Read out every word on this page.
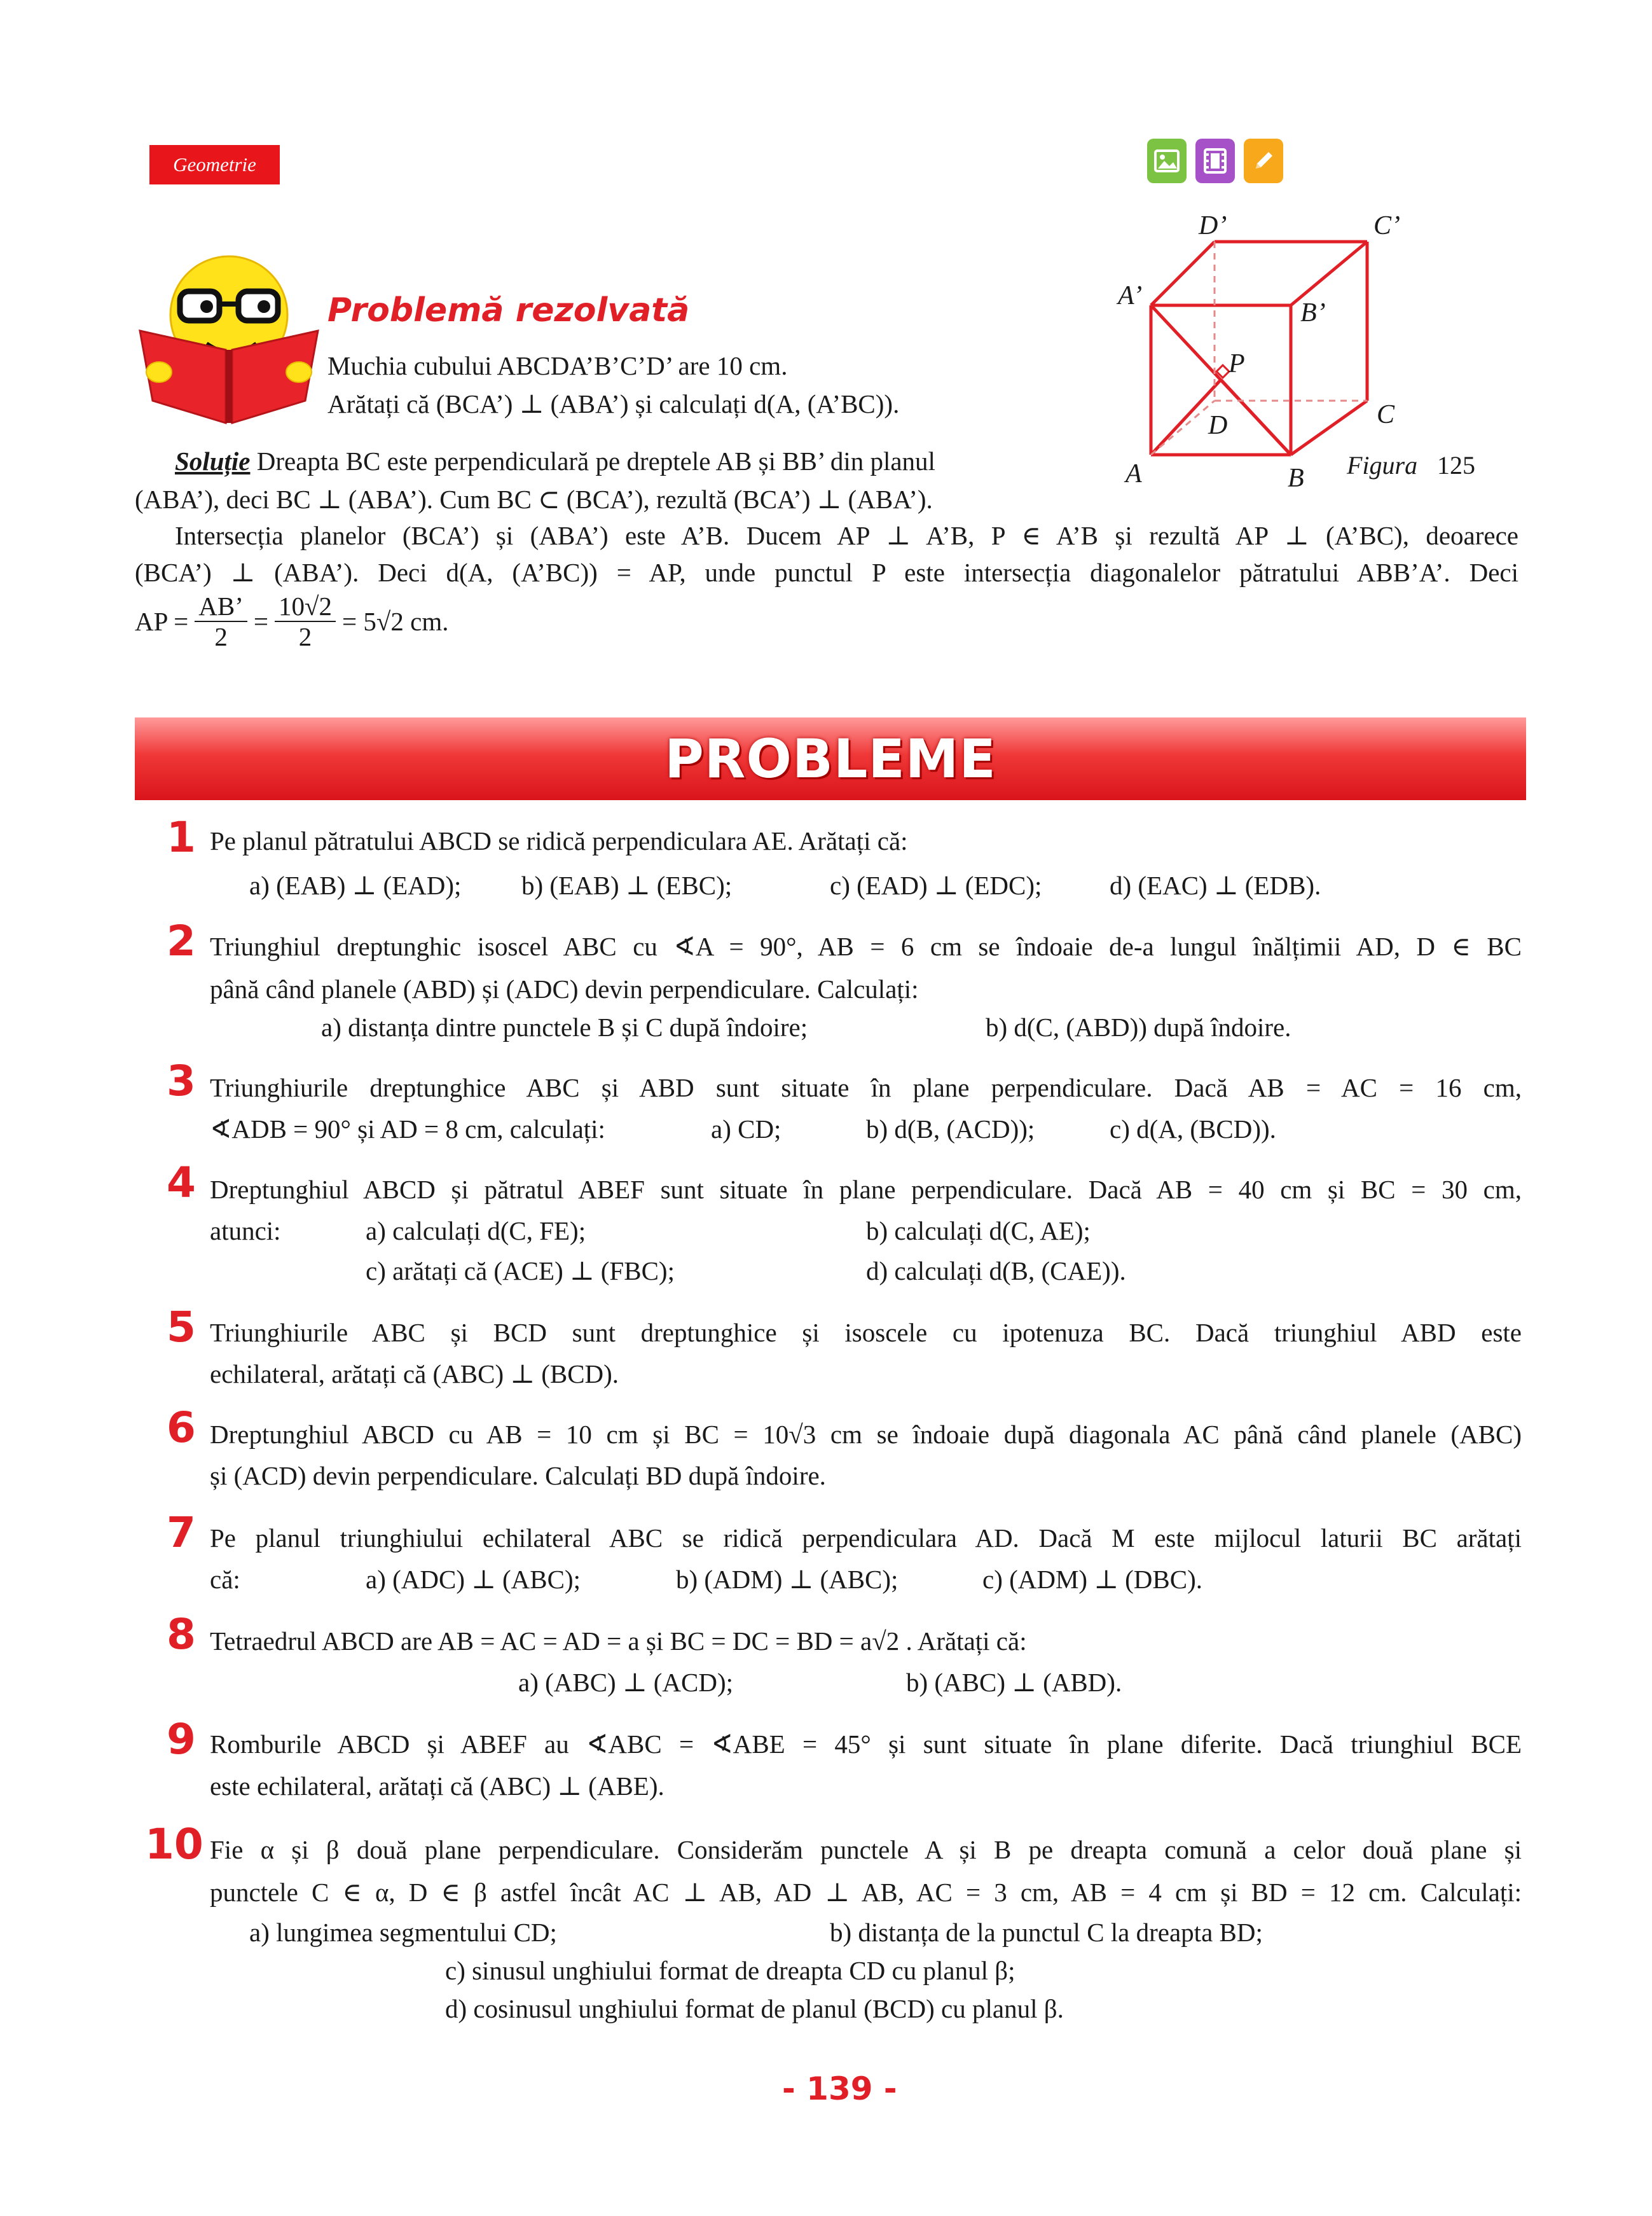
Geometrie
Problemă rezolvată
Muchia cubului ABCDA’B’C’D’ are 10 cm.
Arătați că (BCA’) ⊥ (ABA’) și calculați d(A, (A’BC)).
D’	C’
A’
B’
P
D	C
A	B Figura 125
Soluție Dreapta BC este perpendiculară pe dreptele AB și BB’ din planul
(ABA’), deci BC ⊥ (ABA’). Cum BC ⊂ (BCA’), rezultă (BCA’) ⊥ (ABA’).
Intersecția planelor (BCA’) și (ABA’) este A’B. Ducem AP ⊥ A’B, P ∈ A’B și rezultă AP ⊥ (A’BC), deoarece
(BCA’) ⊥ (ABA’). Deci d(A, (A’BC)) = AP, unde punctul P este intersecția diagonalelor pătratului ABB’A’. Deci
AP = $\frac{AB’}{2} = \frac{10√2}{2} = 5√2$ cm.
PROBLEME
1 Pe planul pătratului ABCD se ridică perpendiculara AE. Arătați că:
a) (EAB) ⊥ (EAD); b) (EAB) ⊥ (EBC);	c) (EAD) ⊥ (EDC);	d) (EAC) ⊥ (EDB).
2 Triunghiul dreptunghic isoscel ABC cu ∢A = 90°, AB = 6 cm se îndoaie de-a lungul înălțimii AD, D ∈ BC
până când planele (ABD) și (ADC) devin perpendiculare. Calculați:
a) distanța dintre punctele B și C după îndoire;	b) d(C, (ABD)) după îndoire.
3 Triunghiurile dreptunghice ABC și ABD sunt situate în plane perpendiculare. Dacă AB = AC = 16 cm,
∢ADB = 90° și AD = 8 cm, calculați:	a) CD;	b) d(B, (ACD));	c) d(A, (BCD)).
4 Dreptunghiul ABCD și pătratul ABEF sunt situate în plane perpendiculare. Dacă AB = 40 cm și BC = 30 cm,
atunci:	a) calculați d(C, FE);	b) calculați d(C, AE);
c) arătați că (ACE) ⊥ (FBC);	d) calculați d(B, (CAE)).
5 Triunghiurile ABC și BCD sunt dreptunghice și isoscele cu ipotenuza BC. Dacă triunghiul ABD este
echilateral, arătați că (ABC) ⊥ (BCD).
6 Dreptunghiul ABCD cu AB = 10 cm și BC = 10√3 cm se îndoaie după diagonala AC până când planele (ABC)
și (ACD) devin perpendiculare. Calculați BD după îndoire.
7 Pe planul triunghiului echilateral ABC se ridică perpendiculara AD. Dacă M este mijlocul laturii BC arătați
că:	a) (ADC) ⊥ (ABC);	b) (ADM) ⊥ (ABC);	c) (ADM) ⊥ (DBC).
8 Tetraedrul ABCD are AB = AC = AD = a și BC = DC = BD = a√2 . Arătați că:
a) (ABC) ⊥ (ACD);	b) (ABC) ⊥ (ABD).
9 Romburile ABCD și ABEF au ∢ABC = ∢ABE = 45° și sunt situate în plane diferite. Dacă triunghiul BCE
este echilateral, arătați că (ABC) ⊥ (ABE).
10 Fie α și β două plane perpendiculare. Considerăm punctele A și B pe dreapta comună a celor două plane și
punctele C ∈ α, D ∈ β astfel încât AC ⊥ AB, AD ⊥ AB, AC = 3 cm, AB = 4 cm și BD = 12 cm. Calculați:
a) lungimea segmentului CD;	b) distanța de la punctul C la dreapta BD;
c) sinusul unghiului format de dreapta CD cu planul β;
d) cosinusul unghiului format de planul (BCD) cu planul β.
- 139 -
